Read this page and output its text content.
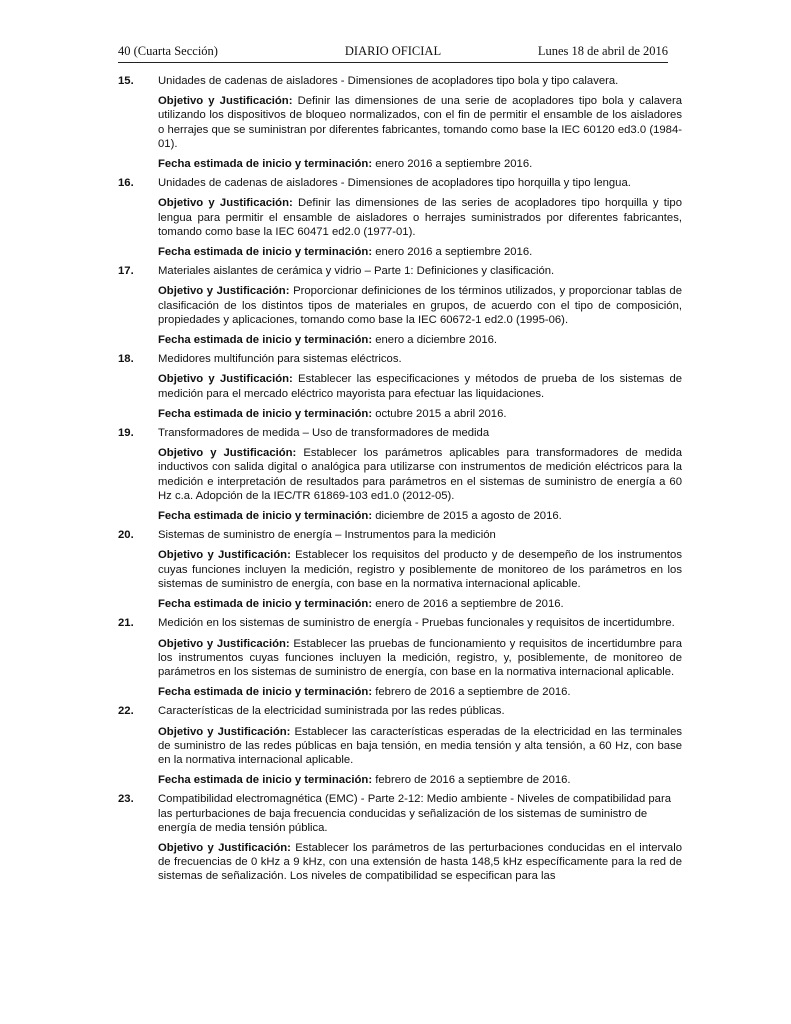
40 (Cuarta Sección)	DIARIO OFICIAL	Lunes 18 de abril de 2016
15. Unidades de cadenas de aisladores - Dimensiones de acopladores tipo bola y tipo calavera.

Objetivo y Justificación: Definir las dimensiones de una serie de acopladores tipo bola y calavera utilizando los dispositivos de bloqueo normalizados, con el fin de permitir el ensamble de los aisladores o herrajes que se suministran por diferentes fabricantes, tomando como base la IEC 60120 ed3.0 (1984-01).

Fecha estimada de inicio y terminación: enero 2016 a septiembre 2016.

16. Unidades de cadenas de aisladores - Dimensiones de acopladores tipo horquilla y tipo lengua.

Objetivo y Justificación: Definir las dimensiones de las series de acopladores tipo horquilla y tipo lengua para permitir el ensamble de aisladores o herrajes suministrados por diferentes fabricantes, tomando como base la IEC 60471 ed2.0 (1977-01).

Fecha estimada de inicio y terminación: enero 2016 a septiembre 2016.

17. Materiales aislantes de cerámica y vidrio – Parte 1: Definiciones y clasificación.

Objetivo y Justificación: Proporcionar definiciones de los términos utilizados, y proporcionar tablas de clasificación de los distintos tipos de materiales en grupos, de acuerdo con el tipo de composición, propiedades y aplicaciones, tomando como base la IEC 60672-1 ed2.0 (1995-06).

Fecha estimada de inicio y terminación: enero a diciembre 2016.

18. Medidores multifunción para sistemas eléctricos.

Objetivo y Justificación: Establecer las especificaciones y métodos de prueba de los sistemas de medición para el mercado eléctrico mayorista para efectuar las liquidaciones.

Fecha estimada de inicio y terminación: octubre 2015 a abril 2016.

19. Transformadores de medida – Uso de transformadores de medida

Objetivo y Justificación: Establecer los parámetros aplicables para transformadores de medida inductivos con salida digital o analógica para utilizarse con instrumentos de medición eléctricos para la medición e interpretación de resultados para parámetros en el sistemas de suministro de energía a 60 Hz c.a. Adopción de la IEC/TR 61869-103 ed1.0 (2012-05).

Fecha estimada de inicio y terminación: diciembre de 2015 a agosto de 2016.

20. Sistemas de suministro de energía – Instrumentos para la medición

Objetivo y Justificación: Establecer los requisitos del producto y de desempeño de los instrumentos cuyas funciones incluyen la medición, registro y posiblemente de monitoreo de los parámetros en los sistemas de suministro de energía, con base en la normativa internacional aplicable.

Fecha estimada de inicio y terminación: enero de 2016 a septiembre de 2016.

21. Medición en los sistemas de suministro de energía - Pruebas funcionales y requisitos de incertidumbre.

Objetivo y Justificación: Establecer las pruebas de funcionamiento y requisitos de incertidumbre para los instrumentos cuyas funciones incluyen la medición, registro, y, posiblemente, de monitoreo de parámetros en los sistemas de suministro de energía, con base en la normativa internacional aplicable.

Fecha estimada de inicio y terminación: febrero de 2016 a septiembre de 2016.

22. Características de la electricidad suministrada por las redes públicas.

Objetivo y Justificación: Establecer las características esperadas de la electricidad en las terminales de suministro de las redes públicas en baja tensión, en media tensión y alta tensión, a 60 Hz, con base en la normativa internacional aplicable.

Fecha estimada de inicio y terminación: febrero de 2016 a septiembre de 2016.

23. Compatibilidad electromagnética (EMC) - Parte 2-12: Medio ambiente - Niveles de compatibilidad para las perturbaciones de baja frecuencia conducidas y señalización de los sistemas de suministro de energía de media tensión pública.

Objetivo y Justificación: Establecer los parámetros de las perturbaciones conducidas en el intervalo de frecuencias de 0 kHz a 9 kHz, con una extensión de hasta 148,5 kHz específicamente para la red de sistemas de señalización. Los niveles de compatibilidad se especifican para las
